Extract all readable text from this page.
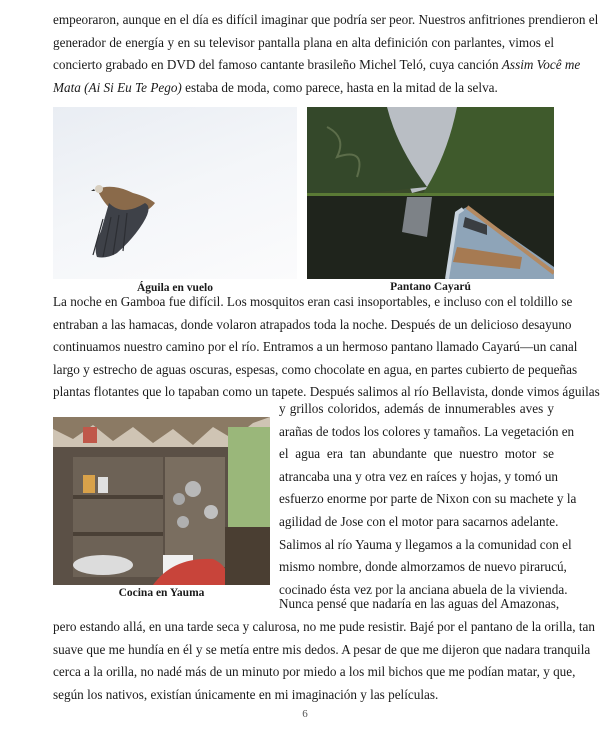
empeoraron, aunque en el día es difícil imaginar que podría ser peor. Nuestros anfitriones prendieron el
generador de energía y en su televisor pantalla plana en alta definición con parlantes, vimos el
concierto grabado en DVD del famoso cantante brasileño Michel Teló, cuya canción Assim Você me
Mata (Ai Si Eu Te Pego) estaba de moda, como parece, hasta en la mitad de la selva.
Águila en vuelo	Pantano Cayarú
La noche en Gamboa fue difícil. Los mosquitos eran casi insoportables, e incluso con el toldillo se
entraban a las hamacas, donde volaron atrapados toda la noche. Después de un delicioso desayuno
continuamos nuestro camino por el río. Entramos a un hermoso pantano llamado Cayarú—un canal
largo y estrecho de aguas oscuras, espesas, como chocolate en agua, en partes cubierto de pequeñas
plantas flotantes que lo tapaban como un tapete. Después salimos al río Bellavista, donde vimos águilas
Cocina en Yauma
y grillos coloridos, además de innumerables aves y
arañas de todos los colores y tamaños. La vegetación en
el agua era tan abundante que nuestro motor se
atrancaba una y otra vez en raíces y hojas, y tomó un
esfuerzo enorme por parte de Nixon con su machete y la
agilidad de Jose con el motor para sacarnos adelante.
Salimos al río Yauma y llegamos a la comunidad con el
mismo nombre, donde almorzamos de nuevo pirarucú,
cocinado ésta vez por la anciana abuela de la vivienda.
Nunca pensé que nadaría en las aguas del Amazonas,
pero estando allá, en una tarde seca y calurosa, no me pude resistir. Bajé por el pantano de la orilla, tan
suave que me hundía en él y se metía entre mis dedos. A pesar de que me dijeron que nadara tranquila
cerca a la orilla, no nadé más de un minuto por miedo a los mil bichos que me podían matar, y que,
según los nativos, existían únicamente en mi imaginación y las películas.
6
